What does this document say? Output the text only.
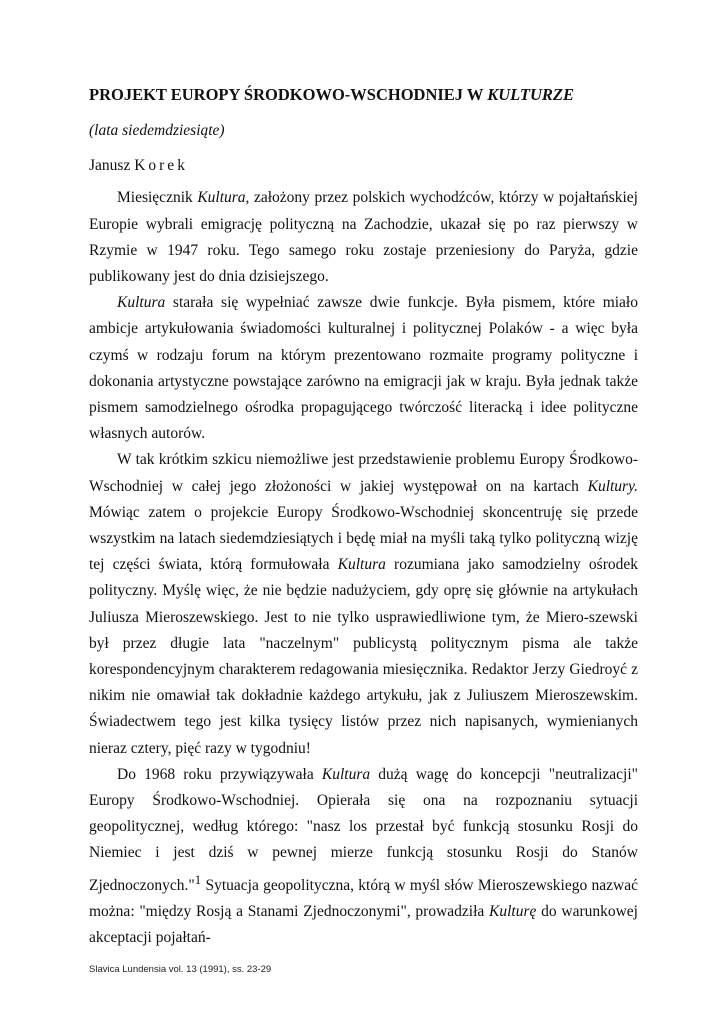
PROJEKT EUROPY ŚRODKOWO-WSCHODNIEJ W KULTURZE
(lata siedemdziesiąte)
Janusz Korek

Miesięcznik Kultura, założony przez polskich wychodźców, którzy w pojałtańskiej Europie wybrali emigrację polityczną na Zachodzie, ukazał się po raz pierwszy w Rzymie w 1947 roku. Tego samego roku zostaje przeniesiony do Paryża, gdzie publikowany jest do dnia dzisiejszego.

Kultura starała się wypełniać zawsze dwie funkcje. Była pismem, które miało ambicje artykułowania świadomości kulturalnej i politycznej Polaków - a więc była czymś w rodzaju forum na którym prezentowano rozmaite programy polityczne i dokonania artystyczne powstające zarówno na emigracji jak w kraju. Była jednak także pismem samodzielnego ośrodka propagującego twórczość literacką i idee polityczne własnych autorów.

W tak krótkim szkicu niemożliwe jest przedstawienie problemu Europy Środkowo-Wschodniej w całej jego złożoności w jakiej występował on na kartach Kultury. Mówiąc zatem o projekcie Europy Środkowo-Wschodniej skoncentruję się przede wszystkim na latach siedemdziesiątych i będę miał na myśli taką tylko polityczną wizję tej części świata, którą formułowała Kultura rozumiana jako samodzielny ośrodek polityczny. Myślę więc, że nie będzie nadużyciem, gdy oprę się głównie na artykułach Juliusza Mieroszewskiego. Jest to nie tylko usprawiedliwione tym, że Miero-szewski był przez długie lata "naczelnym" publicystą politycznym pisma ale także korespondencyjnym charakterem redagowania miesięcznika. Redaktor Jerzy Giedroyć z nikim nie omawiał tak dokładnie każdego artykułu, jak z Juliuszem Mieroszewskim. Świadectwem tego jest kilka tysięcy listów przez nich napisanych, wymienianych nieraz cztery, pięć razy w tygodniu!

Do 1968 roku przywiązywała Kultura dużą wagę do koncepcji "neutralizacji" Europy Środkowo-Wschodniej. Opierała się ona na rozpoznaniu sytuacji geopolitycznej, według którego: "nasz los przestał być funkcją stosunku Rosji do Niemiec i jest dziś w pewnej mierze funkcją stosunku Rosji do Stanów Zjednoczonych."$^1$ Sytuacja geopolityczna, którą w myśl słów Mieroszewskiego nazwać można: "między Rosją a Stanami Zjednoczonymi", prowadziła Kulturę do warunkowej akceptacji pojałtań-

Slavica Lundensia vol. 13 (1991), ss. 23-29
